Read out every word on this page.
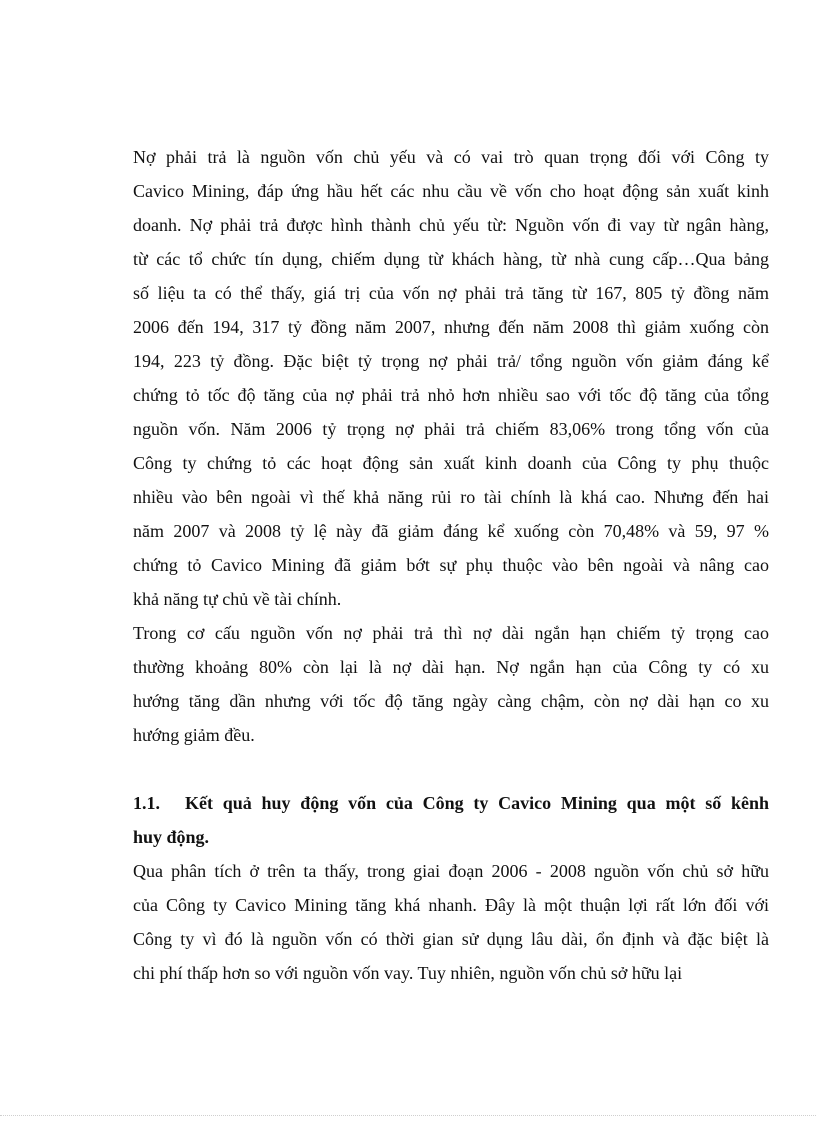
Nợ phải trả là nguồn vốn chủ yếu và có vai trò quan trọng đối với Công ty
Cavico Mining, đáp ứng hầu hết các nhu cầu về vốn cho hoạt động sản xuất kinh
doanh. Nợ phải trả được hình thành chủ yếu từ: Nguồn vốn đi vay từ ngân hàng,
từ các tổ chức tín dụng, chiếm dụng từ khách hàng, từ nhà cung cấp…Qua bảng
số liệu ta có thể thấy, giá trị của vốn nợ phải trả tăng từ 167, 805 tỷ đồng năm
2006 đến 194, 317 tỷ đồng năm 2007, nhưng đến năm 2008 thì giảm xuống còn
194, 223 tỷ đồng. Đặc biệt tỷ trọng nợ phải trả/ tổng nguồn vốn giảm đáng kể
chứng tỏ tốc độ tăng của nợ phải trả nhỏ hơn nhiều sao với tốc độ tăng của tổng
nguồn vốn. Năm 2006 tỷ trọng nợ phải trả chiếm 83,06% trong tổng vốn của
Công ty chứng tỏ các hoạt động sản xuất kinh doanh của Công ty phụ thuộc
nhiều vào bên ngoài vì thế khả năng rủi ro tài chính là khá cao. Nhưng đến hai
năm 2007 và 2008 tỷ lệ này đã giảm đáng kể xuống còn 70,48% và 59, 97 %
chứng tỏ Cavico Mining đã giảm bớt sự phụ thuộc vào bên ngoài và nâng cao
khả năng tự chủ về tài chính.

Trong cơ cấu nguồn vốn nợ phải trả thì nợ dài ngắn hạn chiếm tỷ trọng cao
thường khoảng 80% còn lại là nợ dài hạn. Nợ ngắn hạn của Công ty có xu
hướng tăng dần nhưng với tốc độ tăng ngày càng chậm, còn nợ dài hạn co xu
hướng giảm đều.

1.1. Kết quả huy động vốn của Công ty Cavico Mining qua một số kênh
huy động.

Qua phân tích ở trên ta thấy, trong giai đoạn 2006 - 2008 nguồn vốn chủ sở hữu
của Công ty Cavico Mining tăng khá nhanh. Đây là một thuận lợi rất lớn đối với
Công ty vì đó là nguồn vốn có thời gian sử dụng lâu dài, ổn định và đặc biệt là
chi phí thấp hơn so với nguồn vốn vay. Tuy nhiên, nguồn vốn chủ sở hữu lại
